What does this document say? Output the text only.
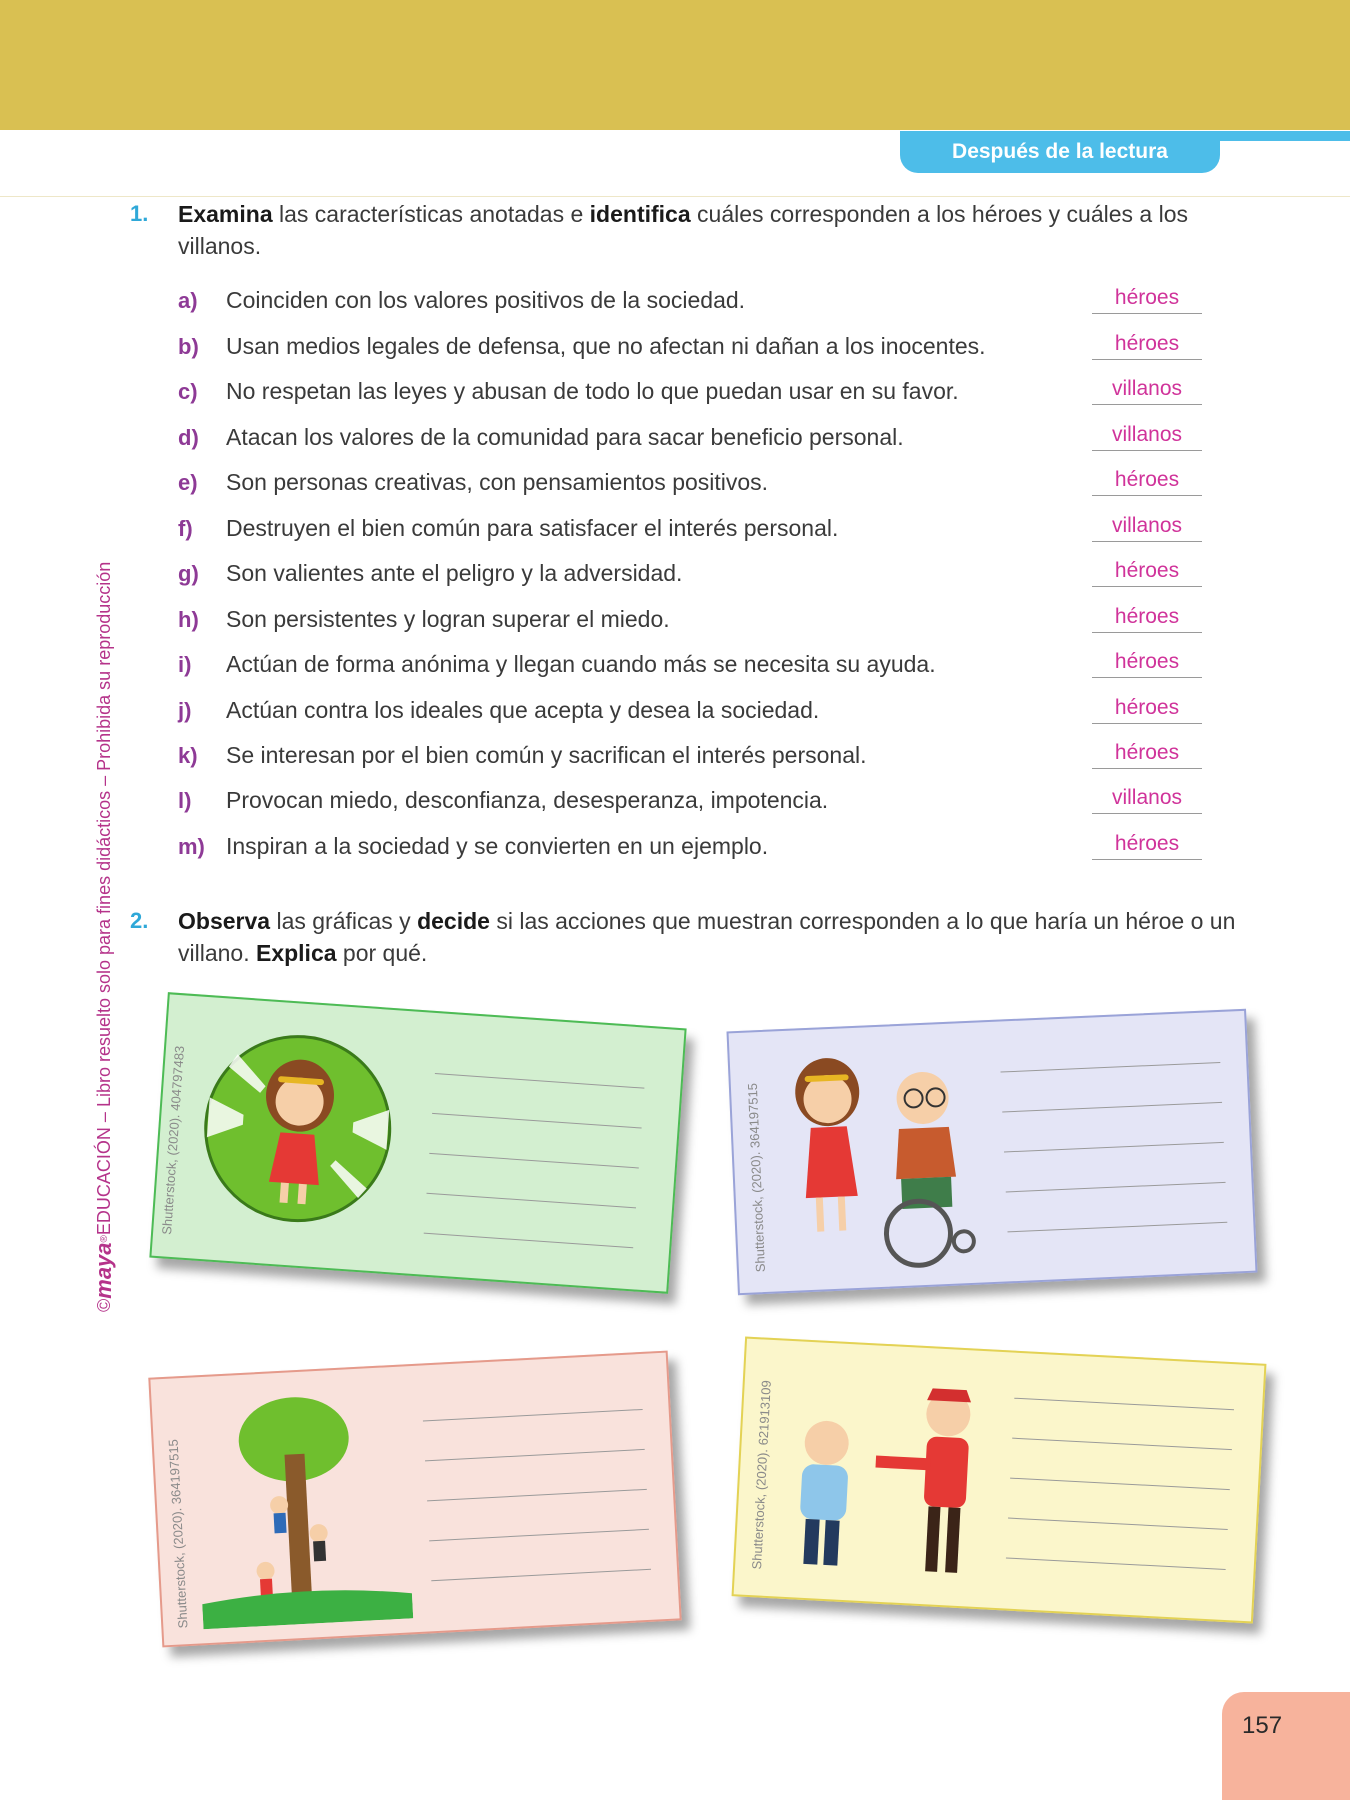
Después de la lectura
©
maya
®
EDUCACIÓN – Libro resuelto solo para fines didácticos – Prohibida su reproducción
1. Examina las características anotadas e identifica cuáles corresponden a los héroes y cuáles a los villanos.
a) Coinciden con los valores positivos de la sociedad.	héroes
b) Usan medios legales de defensa, que no afectan ni dañan a los inocentes.	héroes
c) No respetan las leyes y abusan de todo lo que puedan usar en su favor.	villanos
d) Atacan los valores de la comunidad para sacar beneficio personal.	villanos
e) Son personas creativas, con pensamientos positivos.	héroes
f) Destruyen el bien común para satisfacer el interés personal.	villanos
g) Son valientes ante el peligro y la adversidad.	héroes
h) Son persistentes y logran superar el miedo.	héroes
i) Actúan de forma anónima y llegan cuando más se necesita su ayuda.	héroes
j) Actúan contra los ideales que acepta y desea la sociedad.	héroes
k) Se interesan por el bien común y sacrifican el interés personal.	héroes
l) Provocan miedo, desconfianza, desesperanza, impotencia.	villanos
m) Inspiran a la sociedad y se convierten en un ejemplo.	héroes
2. Observa las gráficas y decide si las acciones que muestran corresponden a lo que haría un héroe o un villano. Explica por qué.
Shutterstock, (2020). 404797483	Shutterstock, (2020). 364197515
Shutterstock, (2020). 364197515	Shutterstock, (2020). 621913109
157
